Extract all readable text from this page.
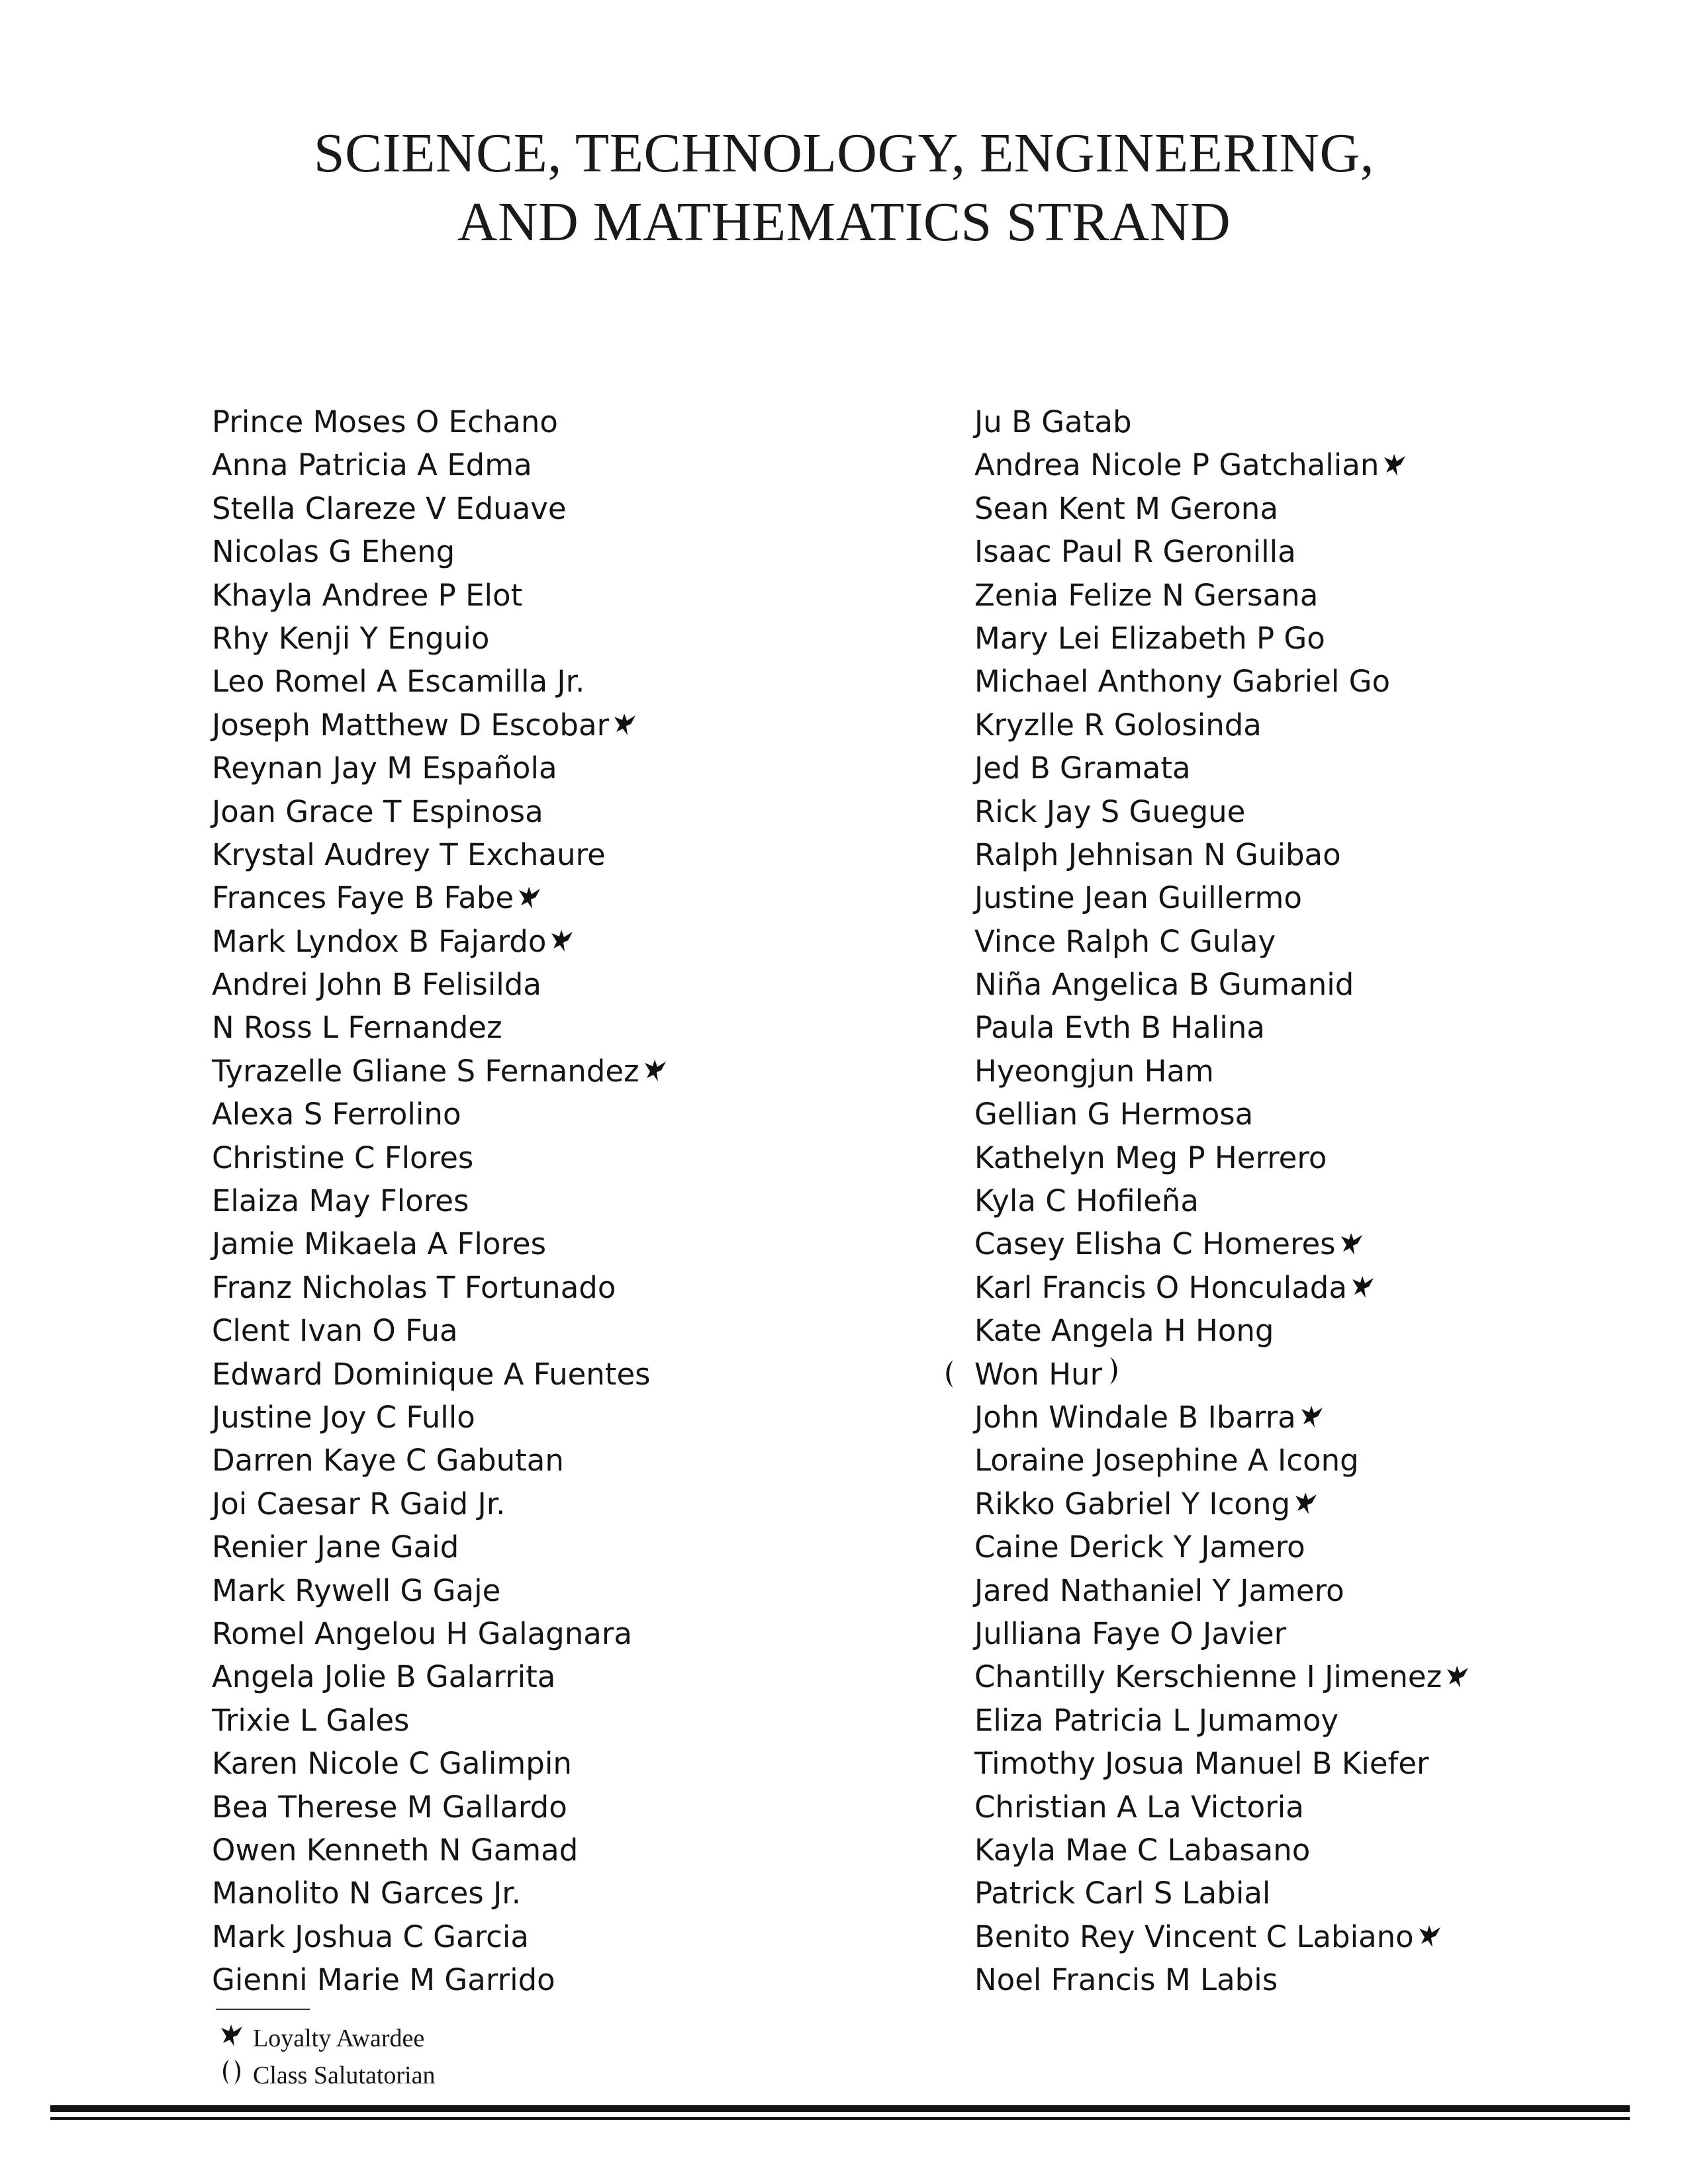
SCIENCE, TECHNOLOGY, ENGINEERING,
AND MATHEMATICS STRAND
Prince Moses O Echano
Anna Patricia A Edma
Stella Clareze V Eduave
Nicolas G Eheng
Khayla Andree P Elot
Rhy Kenji Y Enguio
Leo Romel A Escamilla Jr.
Joseph Matthew D Escobar
Reynan Jay M Española
Joan Grace T Espinosa
Krystal Audrey T Exchaure
Frances Faye B Fabe
Mark Lyndox B Fajardo
Andrei John B Felisilda
N Ross L Fernandez
Tyrazelle Gliane S Fernandez
Alexa S Ferrolino
Christine C Flores
Elaiza May Flores
Jamie Mikaela A Flores
Franz Nicholas T Fortunado
Clent Ivan O Fua
Edward Dominique A Fuentes
Justine Joy C Fullo
Darren Kaye C Gabutan
Joi Caesar R Gaid Jr.
Renier Jane Gaid
Mark Rywell G Gaje
Romel Angelou H Galagnara
Angela Jolie B Galarrita
Trixie L Gales
Karen Nicole C Galimpin
Bea Therese M Gallardo
Owen Kenneth N Gamad
Manolito N Garces Jr.
Mark Joshua C Garcia
Gienni Marie M Garrido
Ju B Gatab
Andrea Nicole P Gatchalian
Sean Kent M Gerona
Isaac Paul R Geronilla
Zenia Felize N Gersana
Mary Lei Elizabeth P Go
Michael Anthony Gabriel Go
Kryzlle R Golosinda
Jed B Gramata
Rick Jay S Guegue
Ralph Jehnisan N Guibao
Justine Jean Guillermo
Vince Ralph C Gulay
Niña Angelica B Gumanid
Paula Evth B Halina
Hyeongjun Ham
Gellian G Hermosa
Kathelyn Meg P Herrero
Kyla C Hofileña
Casey Elisha C Homeres
Karl Francis O Honculada
Kate Angela H Hong
Won Hur
John Windale B Ibarra
Loraine Josephine A Icong
Rikko Gabriel Y Icong
Caine Derick Y Jamero
Jared Nathaniel Y Jamero
Julliana Faye O Javier
Chantilly Kerschienne I Jimenez
Eliza Patricia L Jumamoy
Timothy Josua Manuel B Kiefer
Christian A La Victoria
Kayla Mae C Labasano
Patrick Carl S Labial
Benito Rey Vincent C Labiano
Noel Francis M Labis
Loyalty Awardee
Class Salutatorian
